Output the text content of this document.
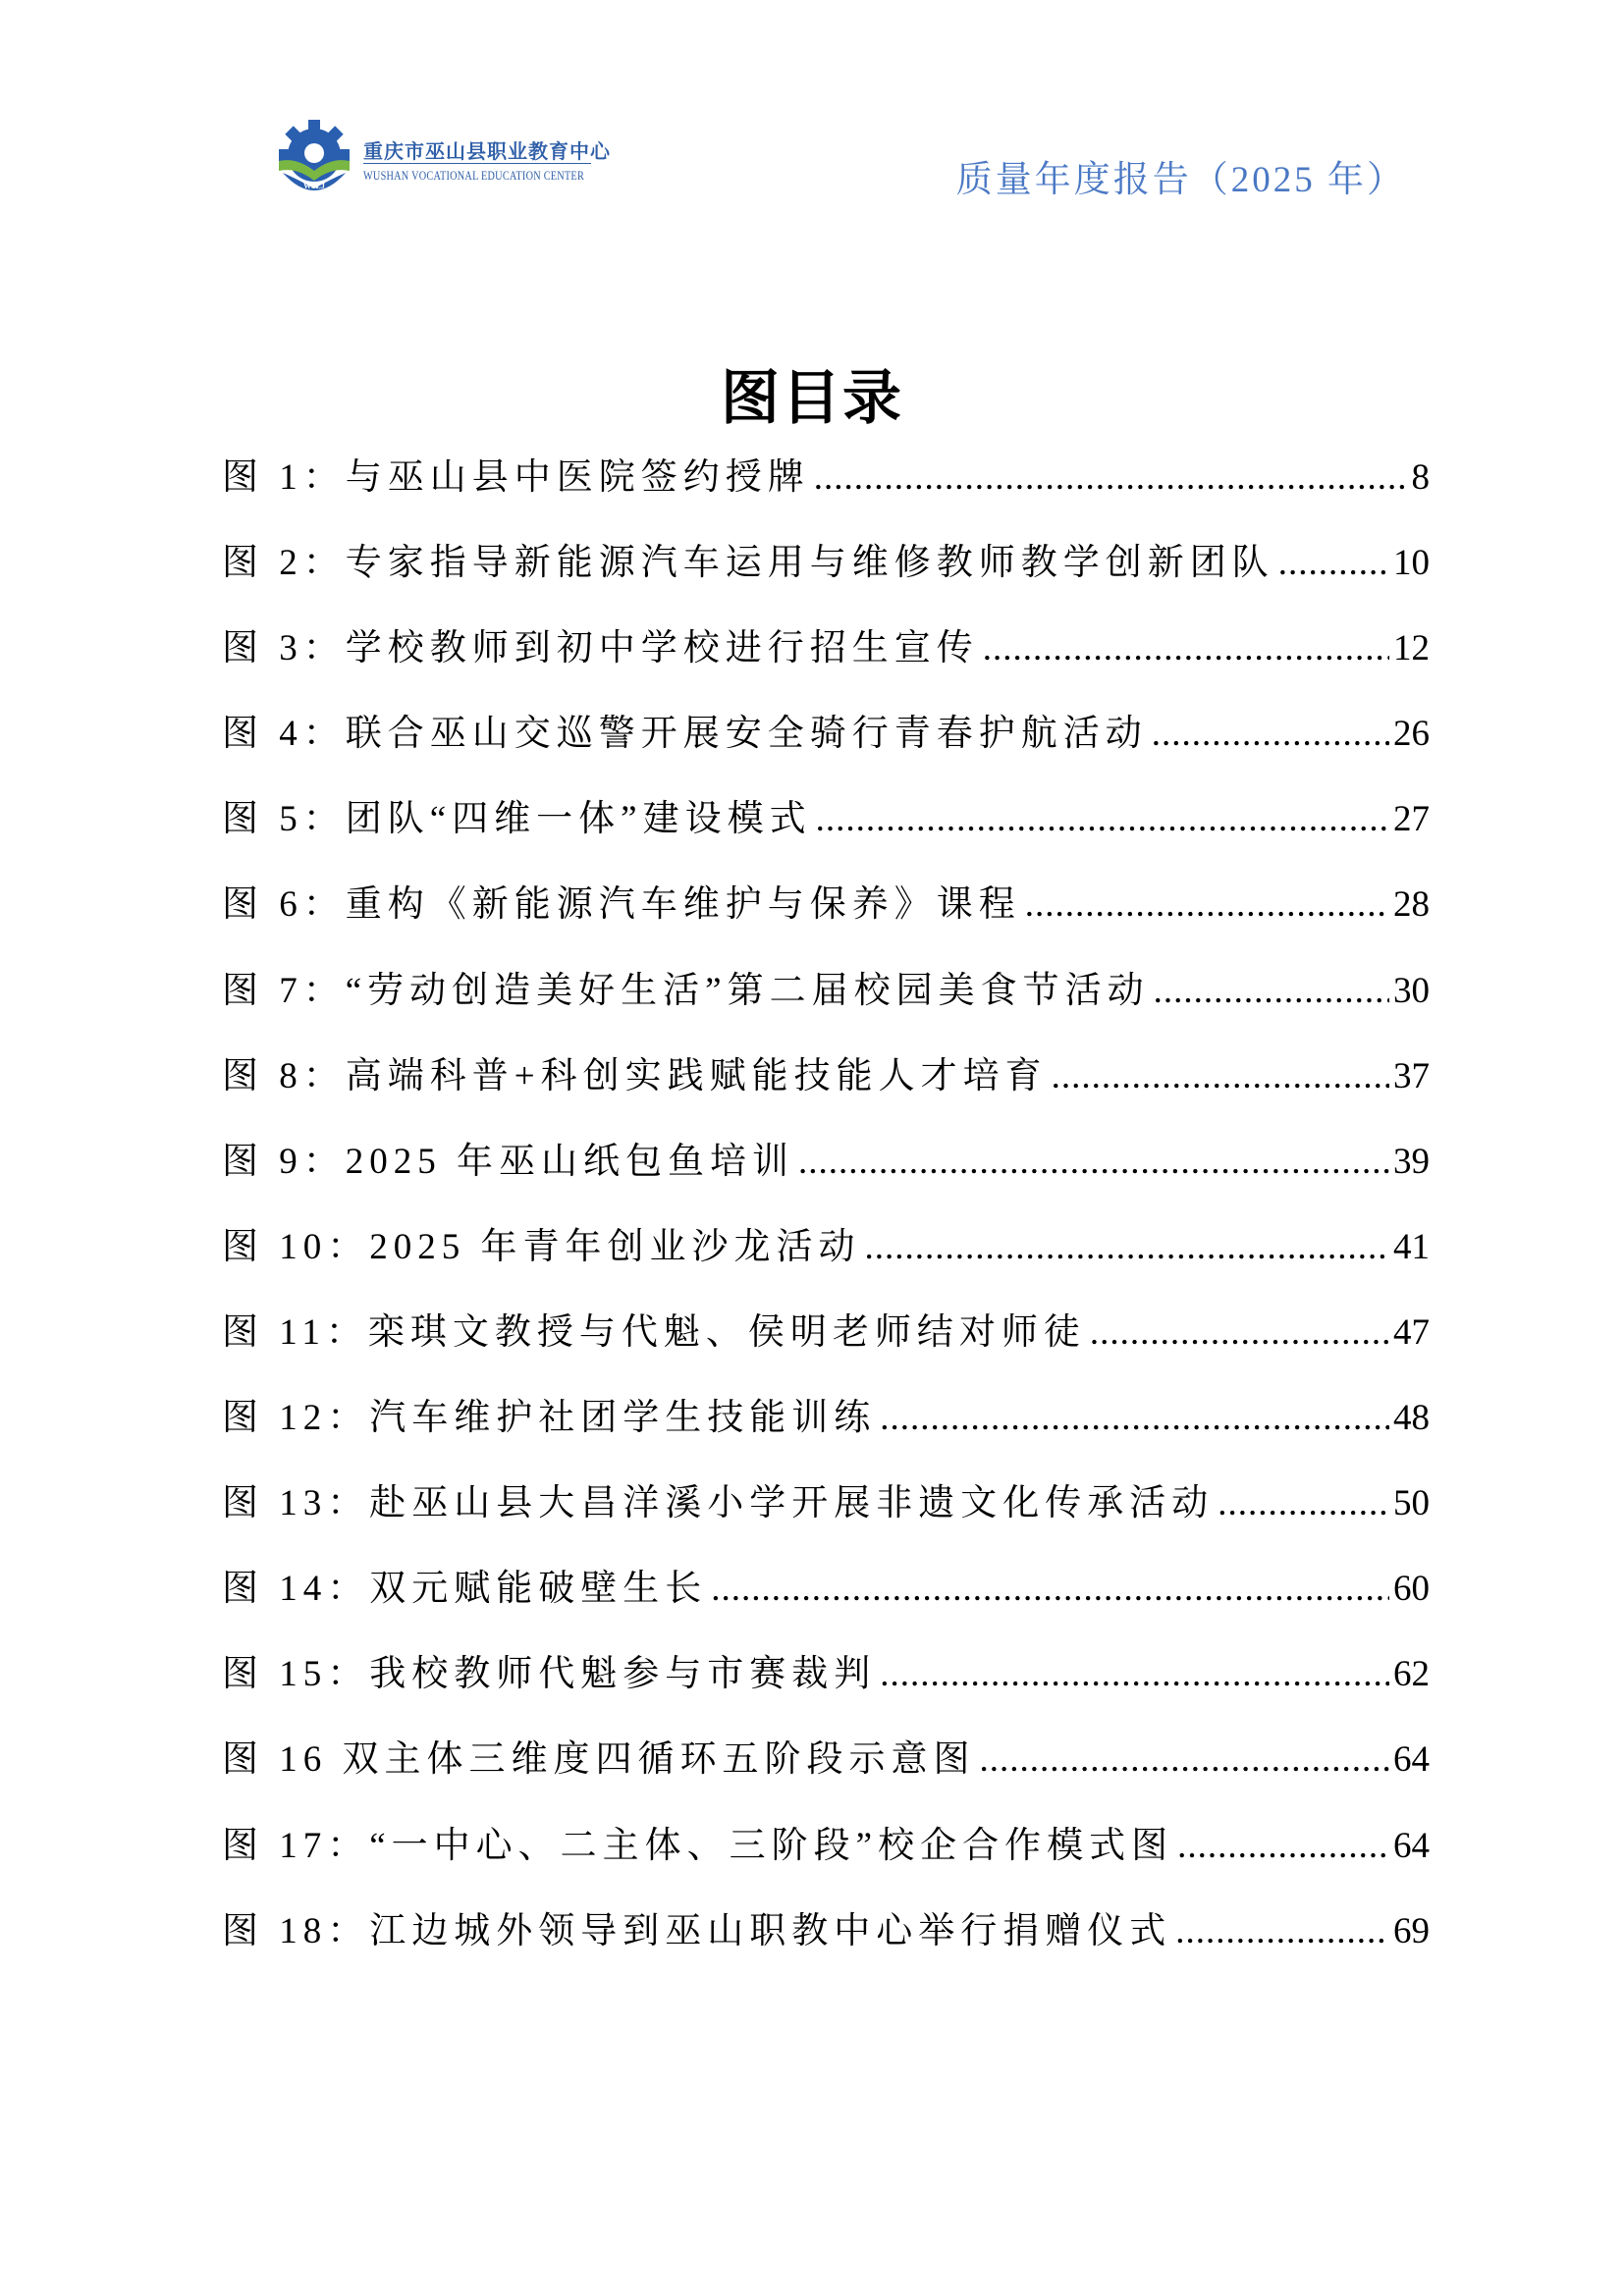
WSZJ
重庆市巫山县职业教育中心
WUSHAN VOCATIONAL EDUCATION CENTER	质量年度报告（2025 年）
图目录
图 1：与巫山县中医院签约授牌 .....	8
图 2：专家指导新能源汽车运用与维修教师教学创新团队 .....	10
图 3：学校教师到初中学校进行招生宣传 .....	12
图 4：联合巫山交巡警开展安全骑行青春护航活动 .....	26
图 5：团队“四维一体”建设模式 .....	27
图 6：重构《新能源汽车维护与保养》课程 .....	28
图 7：“劳动创造美好生活”第二届校园美食节活动 .....	30
图 8：高端科普+科创实践赋能技能人才培育 .....	37
图 9：2025 年巫山纸包鱼培训 .....	39
图 10：2025 年青年创业沙龙活动 .....	41
图 11：栾琪文教授与代魁、侯明老师结对师徒 .....	47
图 12：汽车维护社团学生技能训练 .....	48
图 13：赴巫山县大昌洋溪小学开展非遗文化传承活动 .....	50
图 14：双元赋能破壁生长 .....	60
图 15：我校教师代魁参与市赛裁判 .....	62
图 16 双主体三维度四循环五阶段示意图 .....	64
图 17：“一中心、二主体、三阶段”校企合作模式图 .....	64
图 18：江边城外领导到巫山职教中心举行捐赠仪式 .....	69
